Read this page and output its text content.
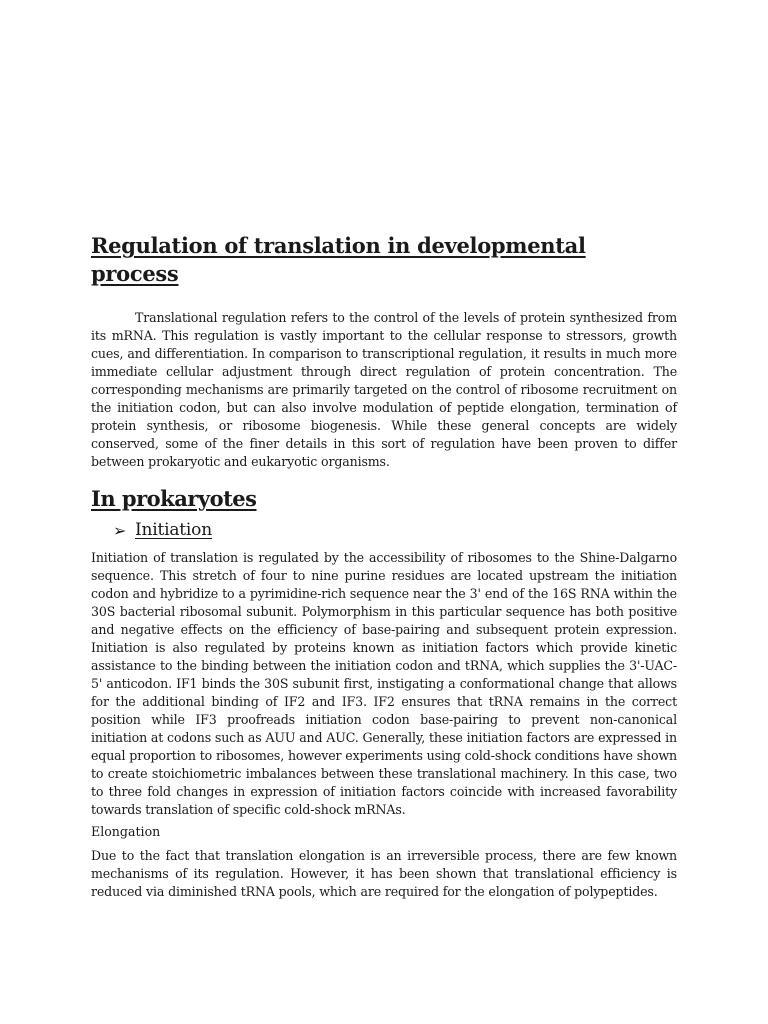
Regulation of translation in developmental process

Translational regulation refers to the control of the levels of protein synthesized from its mRNA. This regulation is vastly important to the cellular response to stressors, growth cues, and differentiation. In comparison to transcriptional regulation, it results in much more immediate cellular adjustment through direct regulation of protein concentration. The corresponding mechanisms are primarily targeted on the control of ribosome recruitment on the initiation codon, but can also involve modulation of peptide elongation, termination of protein synthesis, or ribosome biogenesis. While these general concepts are widely conserved, some of the finer details in this sort of regulation have been proven to differ between prokaryotic and eukaryotic organisms.

In prokaryotes
➢ Initiation

Initiation of translation is regulated by the accessibility of ribosomes to the Shine-Dalgarno sequence. This stretch of four to nine purine residues are located upstream the initiation codon and hybridize to a pyrimidine-rich sequence near the 3' end of the 16S RNA within the 30S bacterial ribosomal subunit. Polymorphism in this particular sequence has both positive and negative effects on the efficiency of base-pairing and subsequent protein expression. Initiation is also regulated by proteins known as initiation factors which provide kinetic assistance to the binding between the initiation codon and tRNA, which supplies the 3'-UAC-5' anticodon. IF1 binds the 30S subunit first, instigating a conformational change that allows for the additional binding of IF2 and IF3. IF2 ensures that tRNA remains in the correct position while IF3 proofreads initiation codon base-pairing to prevent non-canonical initiation at codons such as AUU and AUC. Generally, these initiation factors are expressed in equal proportion to ribosomes, however experiments using cold-shock conditions have shown to create stoichiometric imbalances between these translational machinery. In this case, two to three fold changes in expression of initiation factors coincide with increased favorability towards translation of specific cold-shock mRNAs.

Elongation

Due to the fact that translation elongation is an irreversible process, there are few known mechanisms of its regulation. However, it has been shown that translational efficiency is reduced via diminished tRNA pools, which are required for the elongation of polypeptides.
